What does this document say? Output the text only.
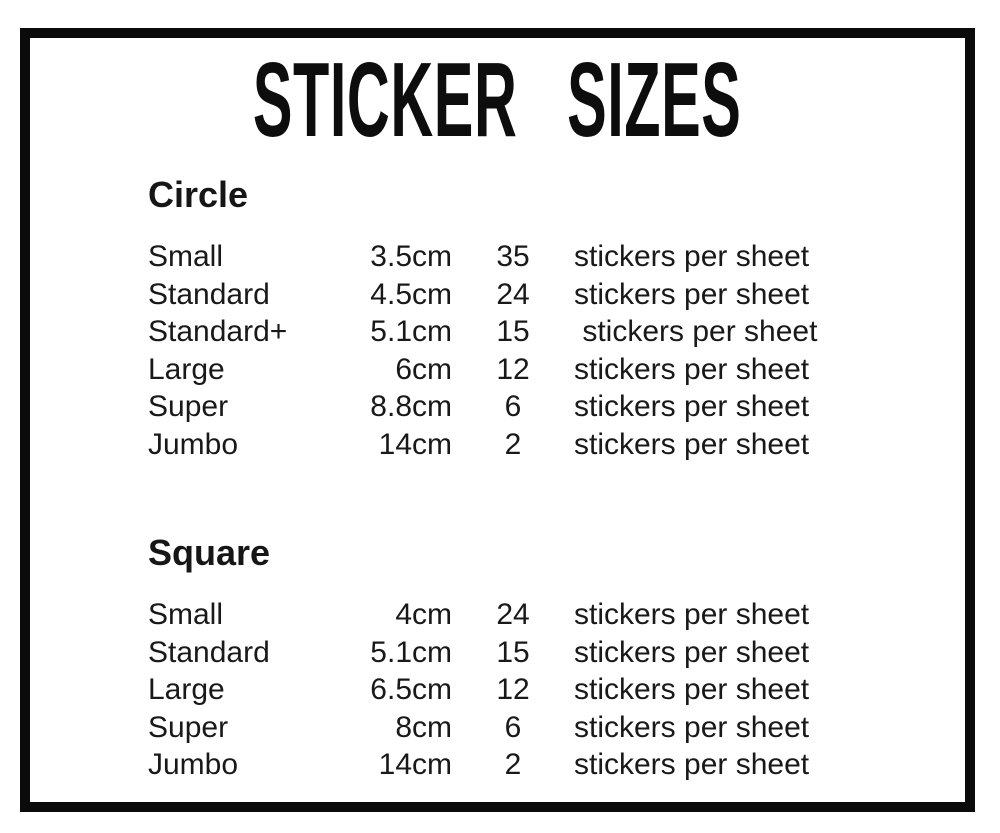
STICKER SIZES
Circle
Small	3.5cm	35	stickers per sheet
Standard	4.5cm	24	stickers per sheet
Standard+	5.1cm	15	stickers per sheet
Large	6cm	12	stickers per sheet
Super	8.8cm	6	stickers per sheet
Jumbo	14cm	2	stickers per sheet
Square
Small	4cm	24	stickers per sheet
Standard	5.1cm	15	stickers per sheet
Large	6.5cm	12	stickers per sheet
Super	8cm	6	stickers per sheet
Jumbo	14cm	2	stickers per sheet
